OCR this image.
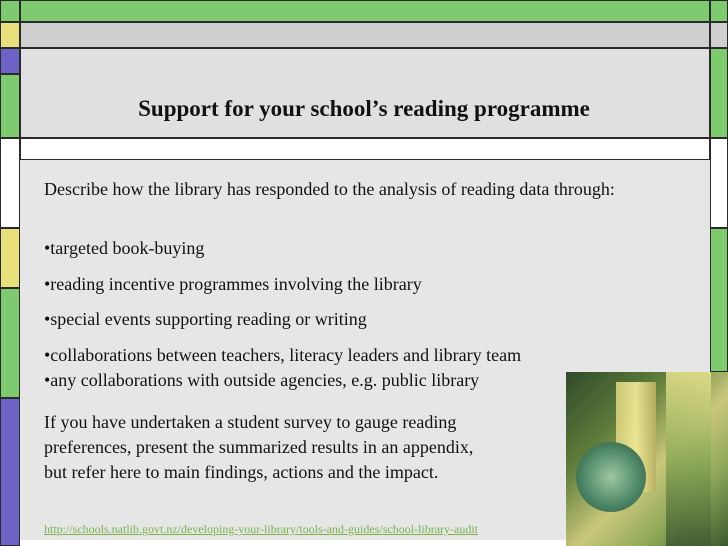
Support for your school’s reading programme
Describe how the library has responded to the analysis of reading data through:
•targeted book-buying
•reading incentive programmes involving the library
•special events supporting reading or writing
•collaborations between teachers, literacy leaders and library team
•any collaborations with outside agencies, e.g. public library
If you have undertaken a student survey to gauge reading
preferences, present the summarized results in an appendix,
but refer here to main findings, actions and the impact.
http://schools.natlib.govt.nz/developing-your-library/tools-and-guides/school-library-audit
